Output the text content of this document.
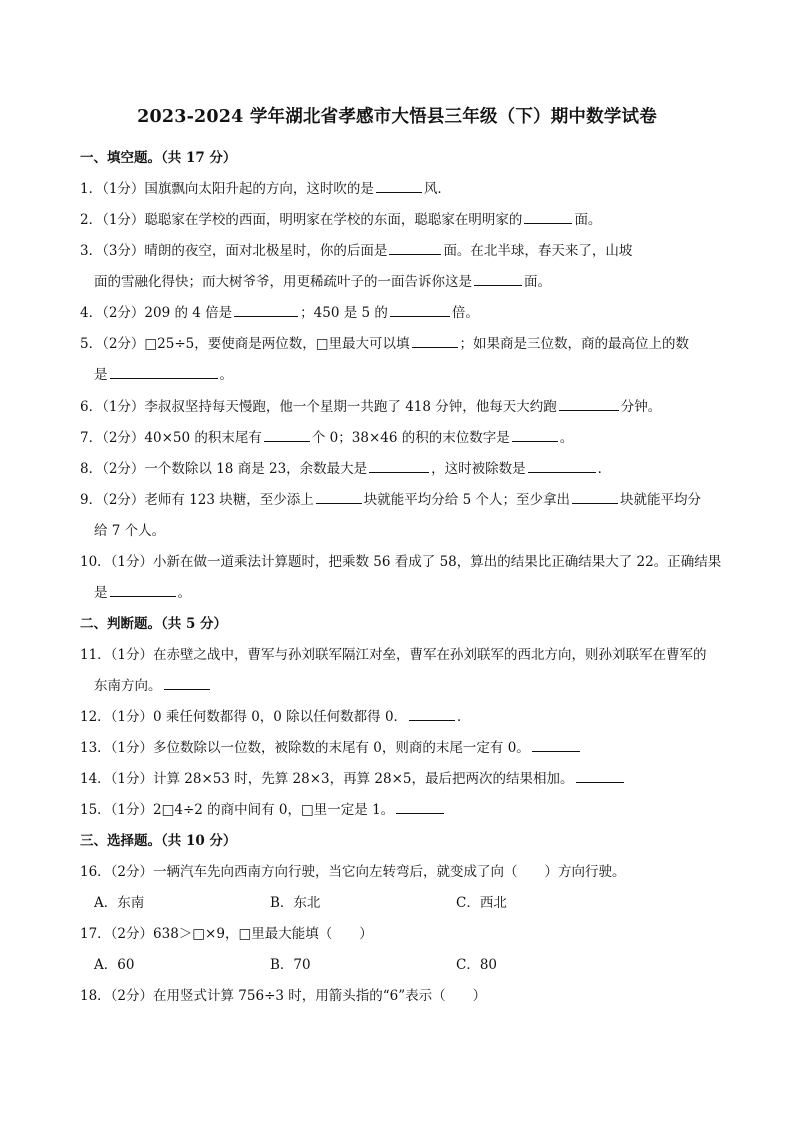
2023-2024 学年湖北省孝感市大悟县三年级（下）期中数学试卷
一、填空题。（共 17 分）
1．（1分）国旗飘向太阳升起的方向，这时吹的是	风．
2．（1分）聪聪家在学校的西面，明明家在学校的东面，聪聪家在明明家的	面。
3．（3分）晴朗的夜空，面对北极星时，你的后面是	面。在北半球，春天来了，山坡
面的雪融化得快；而大树爷爷，用更稀疏叶子的一面告诉你这是	面。
4．（2分）209 的 4 倍是	；450 是 5 的	倍。
5．（2分）□25÷5，要使商是两位数，□里最大可以填	；如果商是三位数，商的最高位上的数
是	。
6．（1分）李叔叔坚持每天慢跑，他一个星期一共跑了 418 分钟，他每天大约跑	分钟。
7．（2分）40×50 的积末尾有	个 0；38×46 的积的末位数字是	。
8．（2分）一个数除以 18 商是 23，余数最大是	，这时被除数是	．
9．（2分）老师有 123 块糖，至少添上	块就能平均分给 5 个人；至少拿出	块就能平均分
给 7 个人。
10．（1分）小新在做一道乘法计算题时，把乘数 56 看成了 58，算出的结果比正确结果大了 22。正确结果
是	。
二、判断题。（共 5 分）
11．（1分）在赤壁之战中，曹军与孙刘联军隔江对垒，曹军在孙刘联军的西北方向，则孙刘联军在曹军的
东南方向。
12．（1分）0 乘任何数都得 0，0 除以任何数都得 0．	．
13．（1分）多位数除以一位数，被除数的末尾有 0，则商的末尾一定有 0。
14．（1分）计算 28×53 时，先算 28×3，再算 28×5，最后把两次的结果相加。
15．（1分）2□4÷2 的商中间有 0，□里一定是 1。
三、选择题。（共 10 分）
16．（2分）一辆汽车先向西南方向行驶，当它向左转弯后，就变成了向（　　）方向行驶。
A．东南	B．东北	C．西北
17．（2分）638＞□×9，□里最大能填（　　）
A．60	B．70	C．80
18．（2分）在用竖式计算 756÷3 时，用箭头指的“6”表示（　　）
